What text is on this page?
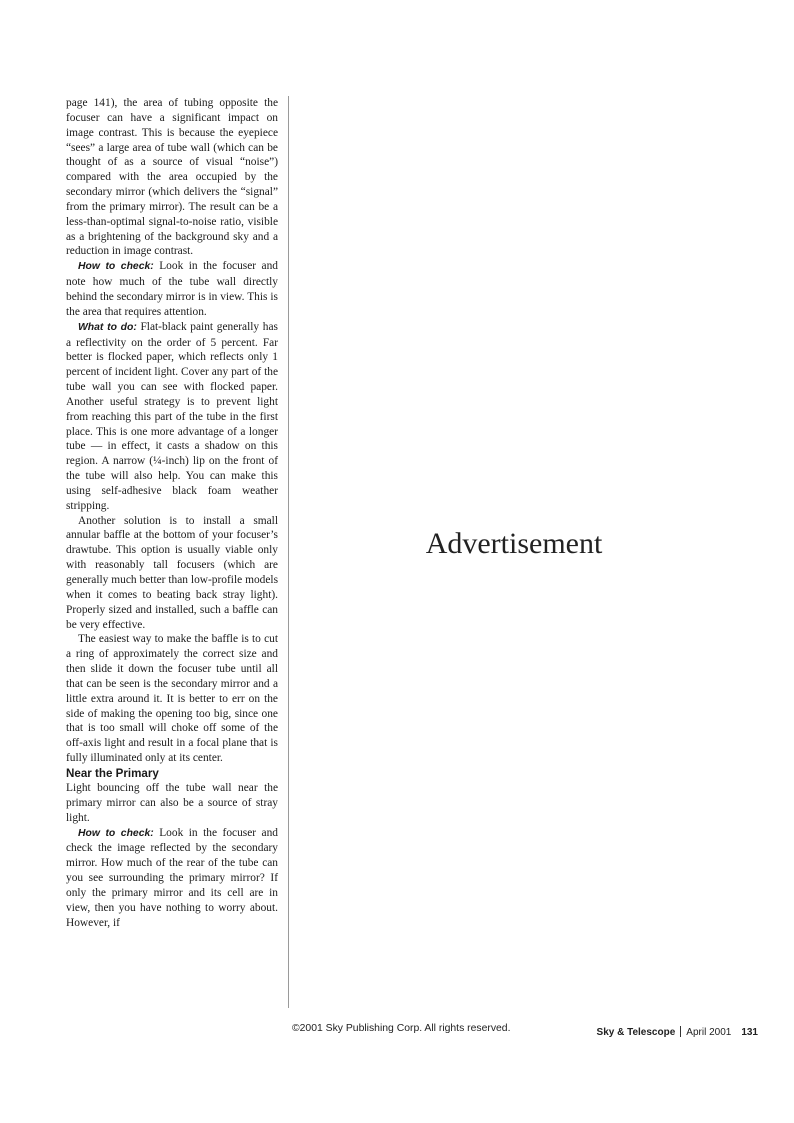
page 141), the area of tubing opposite the focuser can have a significant impact on image contrast. This is because the eyepiece “sees” a large area of tube wall (which can be thought of as a source of visual “noise”) compared with the area occupied by the secondary mirror (which delivers the “signal” from the primary mirror). The result can be a less-than-optimal signal-to-noise ratio, visible as a brightening of the background sky and a reduction in image contrast.

How to check: Look in the focuser and note how much of the tube wall directly behind the secondary mirror is in view. This is the area that requires attention.

What to do: Flat-black paint generally has a reflectivity on the order of 5 percent. Far better is flocked paper, which reflects only 1 percent of incident light. Cover any part of the tube wall you can see with flocked paper. Another useful strategy is to prevent light from reaching this part of the tube in the first place. This is one more advantage of a longer tube — in effect, it casts a shadow on this region. A narrow (¼-inch) lip on the front of the tube will also help. You can make this using self-adhesive black foam weather stripping.

Another solution is to install a small annular baffle at the bottom of your focuser’s drawtube. This option is usually viable only with reasonably tall focusers (which are generally much better than low-profile models when it comes to beating back stray light). Properly sized and installed, such a baffle can be very effective.

The easiest way to make the baffle is to cut a ring of approximately the correct size and then slide it down the focuser tube until all that can be seen is the secondary mirror and a little extra around it. It is better to err on the side of making the opening too big, since one that is too small will choke off some of the off-axis light and result in a focal plane that is fully illuminated only at its center.

Near the Primary

Light bouncing off the tube wall near the primary mirror can also be a source of stray light.

How to check: Look in the focuser and check the image reflected by the secondary mirror. How much of the rear of the tube can you see surrounding the primary mirror? If only the primary mirror and its cell are in view, then you have nothing to worry about. However, if

Advertisement
©2001 Sky Publishing Corp. All rights reserved.	Sky & Telescope April 2001 131
